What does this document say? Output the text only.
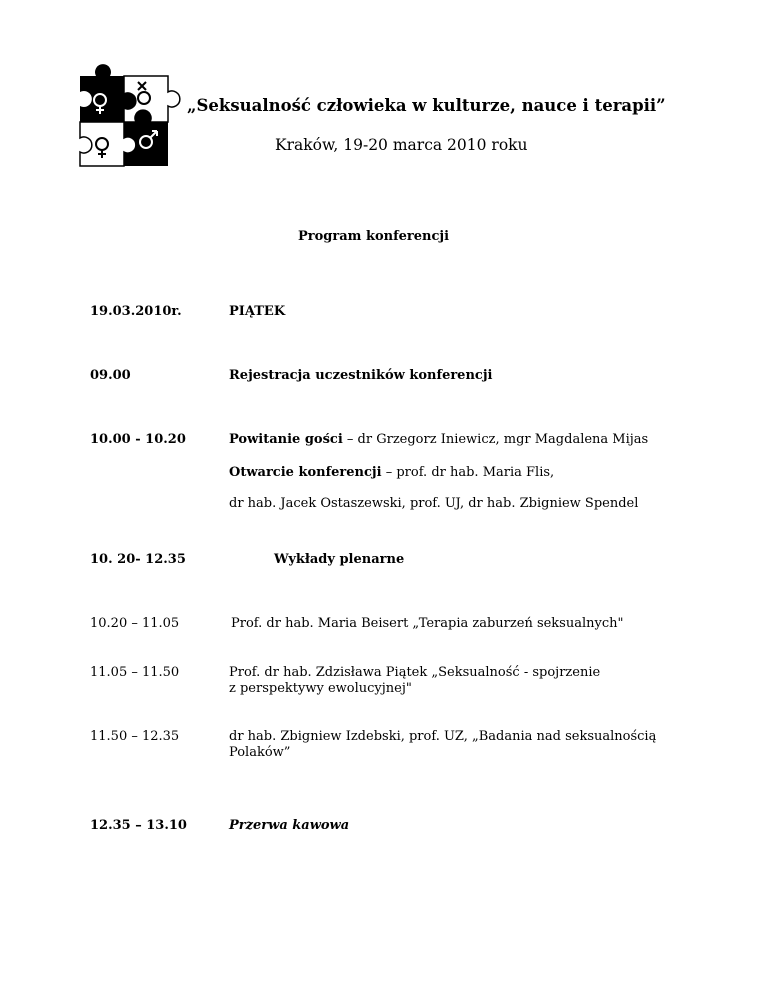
„Seksualność człowieka w kulturze, nauce i terapii”
Kraków, 19-20 marca 2010 roku
Program konferencji
19.03.2010r.	PIĄTEK
09.00	Rejestracja uczestników konferencji
10.00 - 10.20	Powitanie gości – dr Grzegorz Iniewicz, mgr Magdalena Mijas
Otwarcie konferencji – prof. dr hab. Maria Flis,
dr hab. Jacek Ostaszewski, prof. UJ, dr hab. Zbigniew Spendel
10. 20- 12.35	Wykłady plenarne
10.20 – 11.05	Prof. dr hab. Maria Beisert „Terapia zaburzeń seksualnych"
11.05 – 11.50	Prof. dr hab. Zdzisława Piątek „Seksualność - spojrzenie
z perspektywy ewolucyjnej"
11.50 – 12.35	dr hab. Zbigniew Izdebski, prof. UZ, „Badania nad seksualnością
Polaków”
12.35 – 13.10	Przerwa kawowa
